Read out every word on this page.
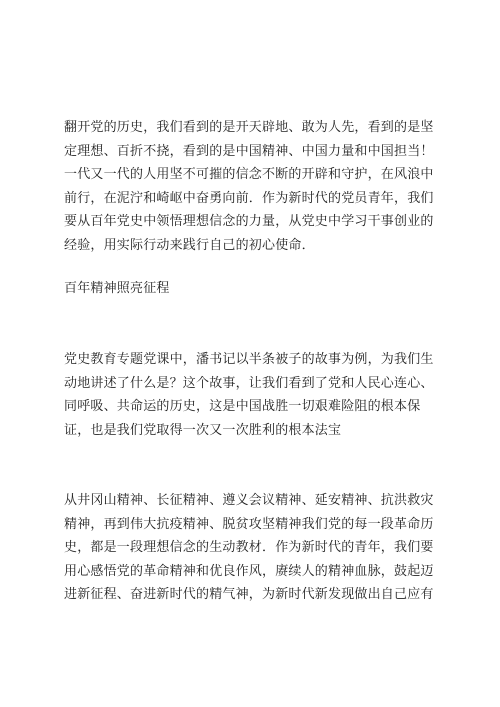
翻开党的历史，我们看到的是开天辟地、敢为人先，看到的是坚
定理想、百折不挠，看到的是中国精神、中国力量和中国担当！
一代又一代的人用坚不可摧的信念不断的开辟和守护，在风浪中
前行，在泥泞和崎岖中奋勇向前．作为新时代的党员青年，我们
要从百年党史中领悟理想信念的力量，从党史中学习干事创业的
经验，用实际行动来践行自己的初心使命．
百年精神照亮征程
党史教育专题党课中，潘书记以半条被子的故事为例，为我们生
动地讲述了什么是？这个故事，让我们看到了党和人民心连心、
同呼吸、共命运的历史，这是中国战胜一切艰难险阻的根本保
证，也是我们党取得一次又一次胜利的根本法宝
从井冈山精神、长征精神、遵义会议精神、延安精神、抗洪救灾
精神，再到伟大抗疫精神、脱贫攻坚精神我们党的每一段革命历
史，都是一段理想信念的生动教材．作为新时代的青年，我们要
用心感悟党的革命精神和优良作风，赓续人的精神血脉，鼓起迈
进新征程、奋进新时代的精气神，为新时代新发现做出自己应有
